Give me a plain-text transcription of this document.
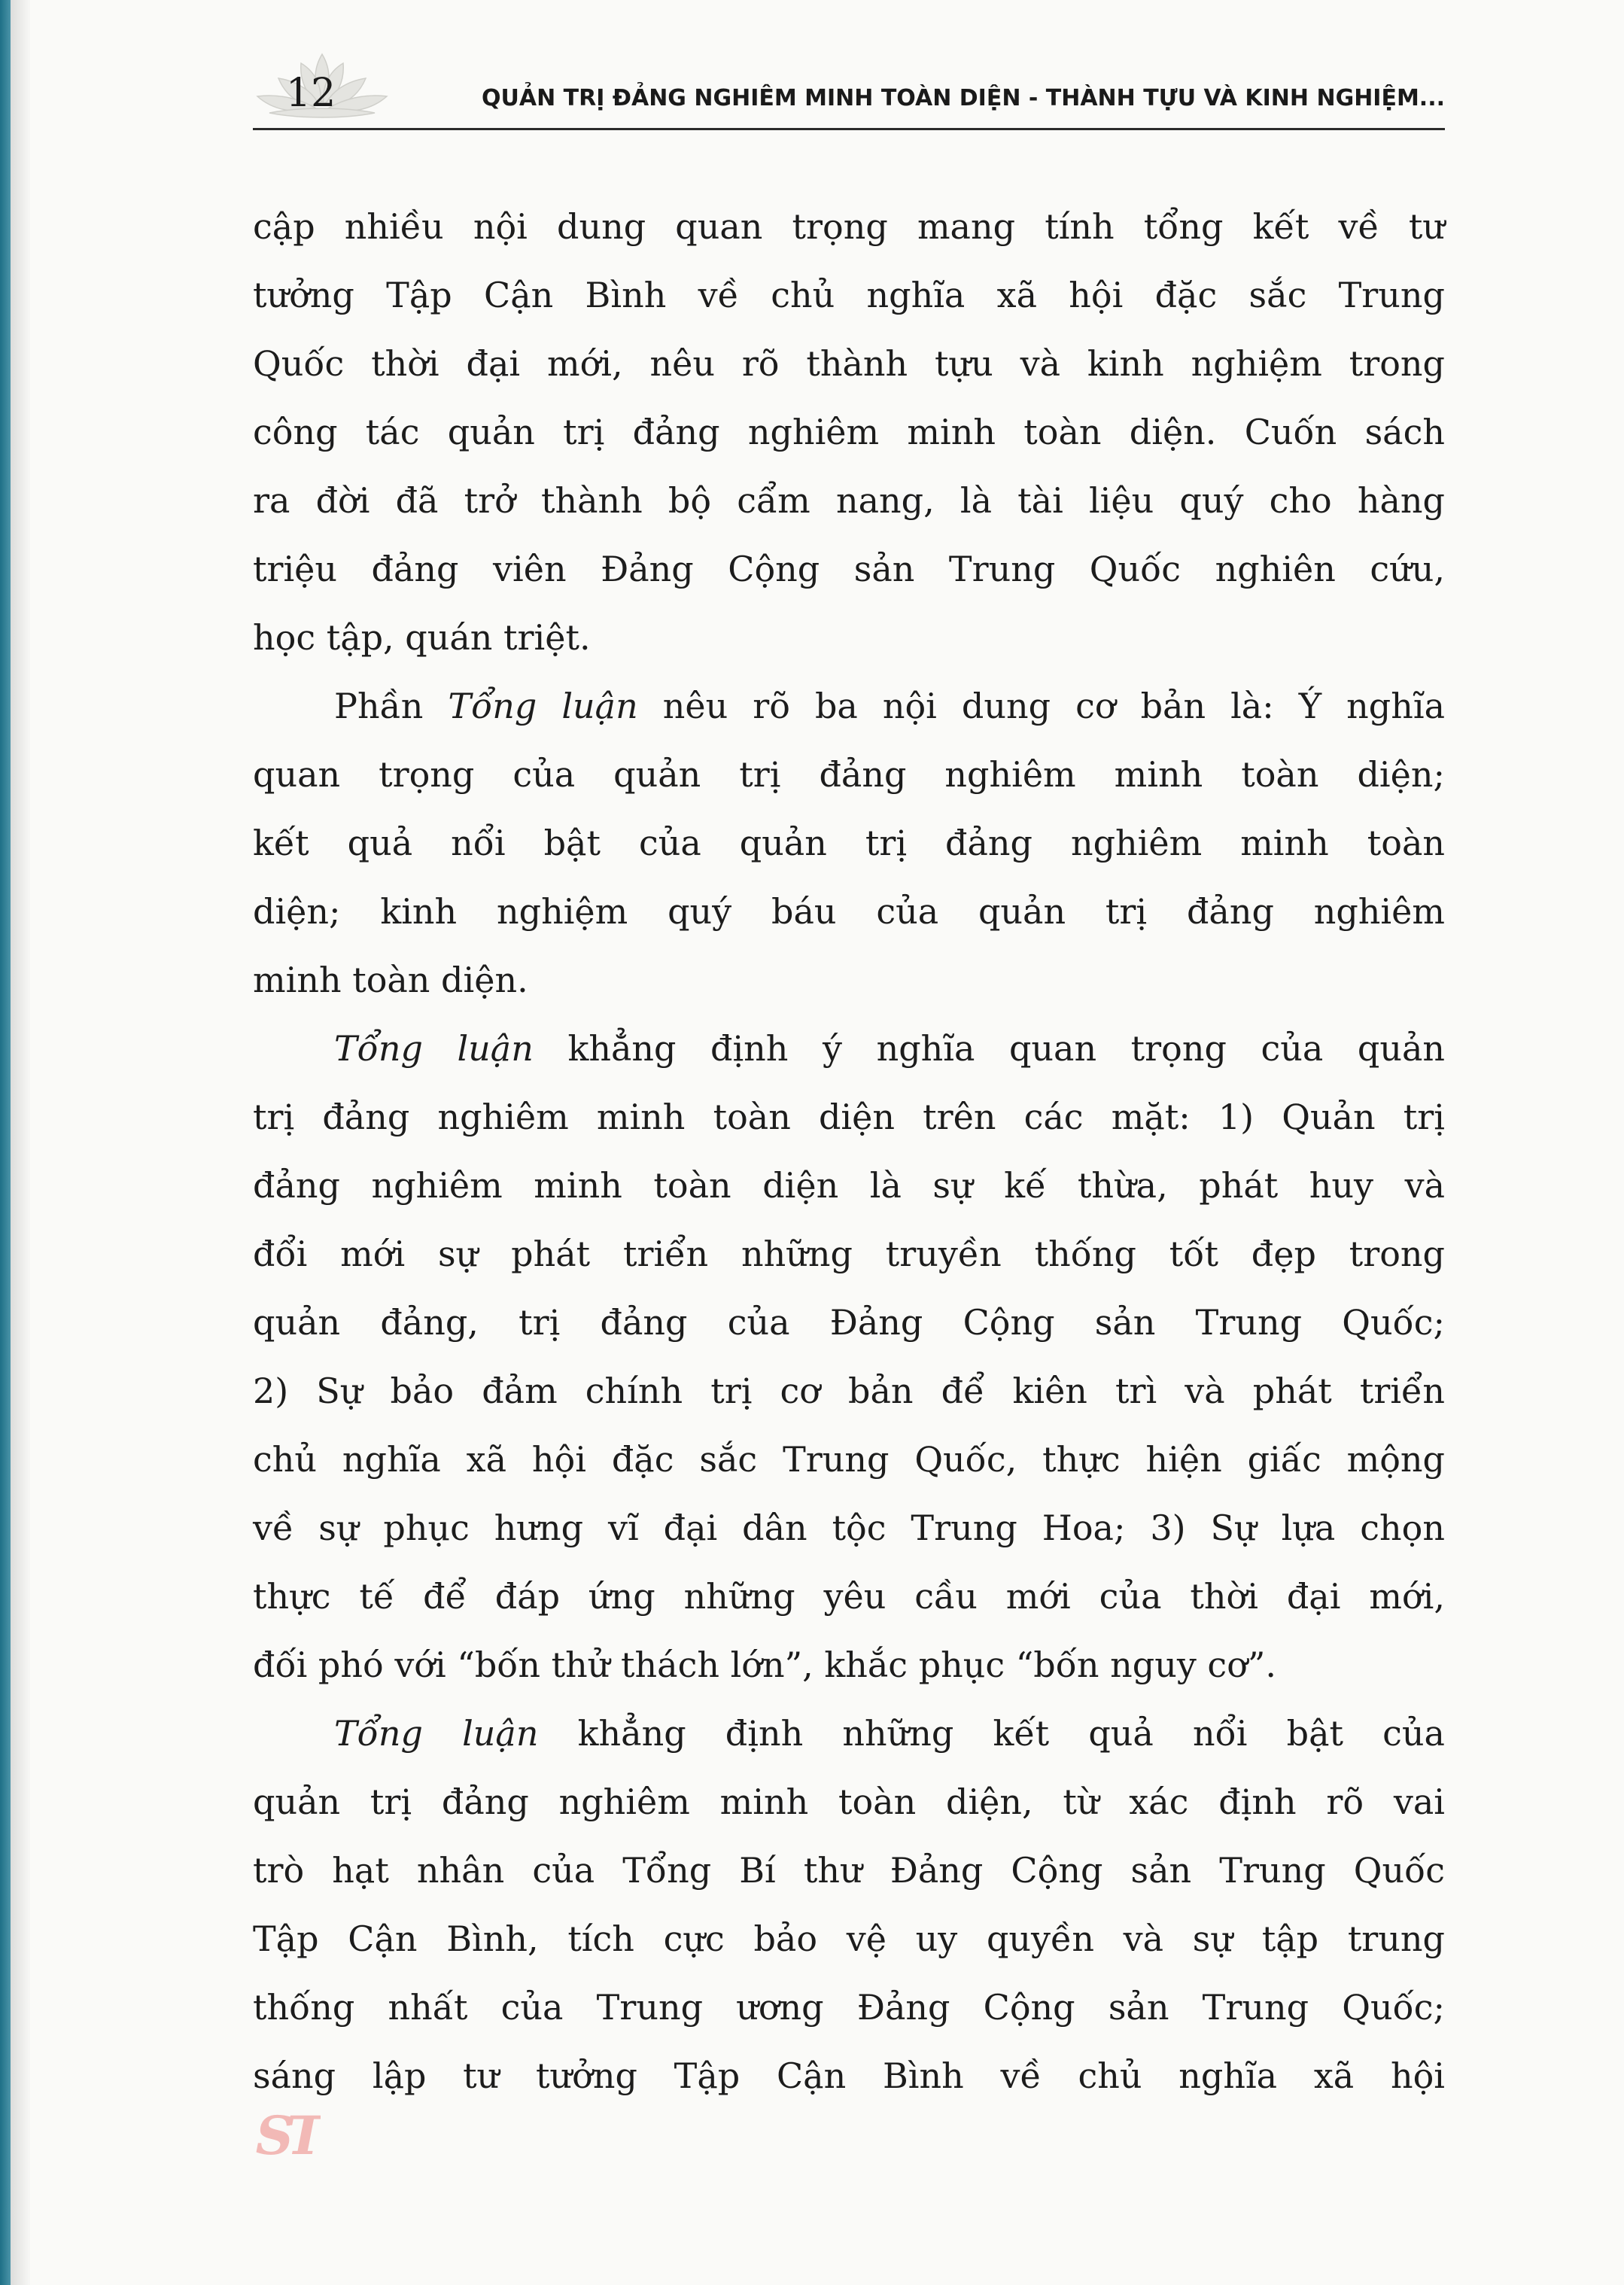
12	QUẢN TRỊ ĐẢNG NGHIÊM MINH TOÀN DIỆN - THÀNH TỰU VÀ KINH NGHIỆM...

cập nhiều nội dung quan trọng mang tính tổng kết về tư
tưởng Tập Cận Bình về chủ nghĩa xã hội đặc sắc Trung
Quốc thời đại mới, nêu rõ thành tựu và kinh nghiệm trong
công tác quản trị đảng nghiêm minh toàn diện. Cuốn sách
ra đời đã trở thành bộ cẩm nang, là tài liệu quý cho hàng
triệu đảng viên Đảng Cộng sản Trung Quốc nghiên cứu,
học tập, quán triệt.

Phần Tổng luận nêu rõ ba nội dung cơ bản là: Ý nghĩa
quan trọng của quản trị đảng nghiêm minh toàn diện;
kết quả nổi bật của quản trị đảng nghiêm minh toàn
diện; kinh nghiệm quý báu của quản trị đảng nghiêm
minh toàn diện.

Tổng luận khẳng định ý nghĩa quan trọng của quản
trị đảng nghiêm minh toàn diện trên các mặt: 1) Quản trị
đảng nghiêm minh toàn diện là sự kế thừa, phát huy và
đổi mới sự phát triển những truyền thống tốt đẹp trong
quản đảng, trị đảng của Đảng Cộng sản Trung Quốc;
2) Sự bảo đảm chính trị cơ bản để kiên trì và phát triển
chủ nghĩa xã hội đặc sắc Trung Quốc, thực hiện giấc mộng
về sự phục hưng vĩ đại dân tộc Trung Hoa; 3) Sự lựa chọn
thực tế để đáp ứng những yêu cầu mới của thời đại mới,
đối phó với “bốn thử thách lớn”, khắc phục “bốn nguy cơ”.

Tổng luận khẳng định những kết quả nổi bật của
quản trị đảng nghiêm minh toàn diện, từ xác định rõ vai
trò hạt nhân của Tổng Bí thư Đảng Cộng sản Trung Quốc
Tập Cận Bình, tích cực bảo vệ uy quyền và sự tập trung
thống nhất của Trung ương Đảng Cộng sản Trung Quốc;
sáng lập tư tưởng Tập Cận Bình về chủ nghĩa xã hội

ST
